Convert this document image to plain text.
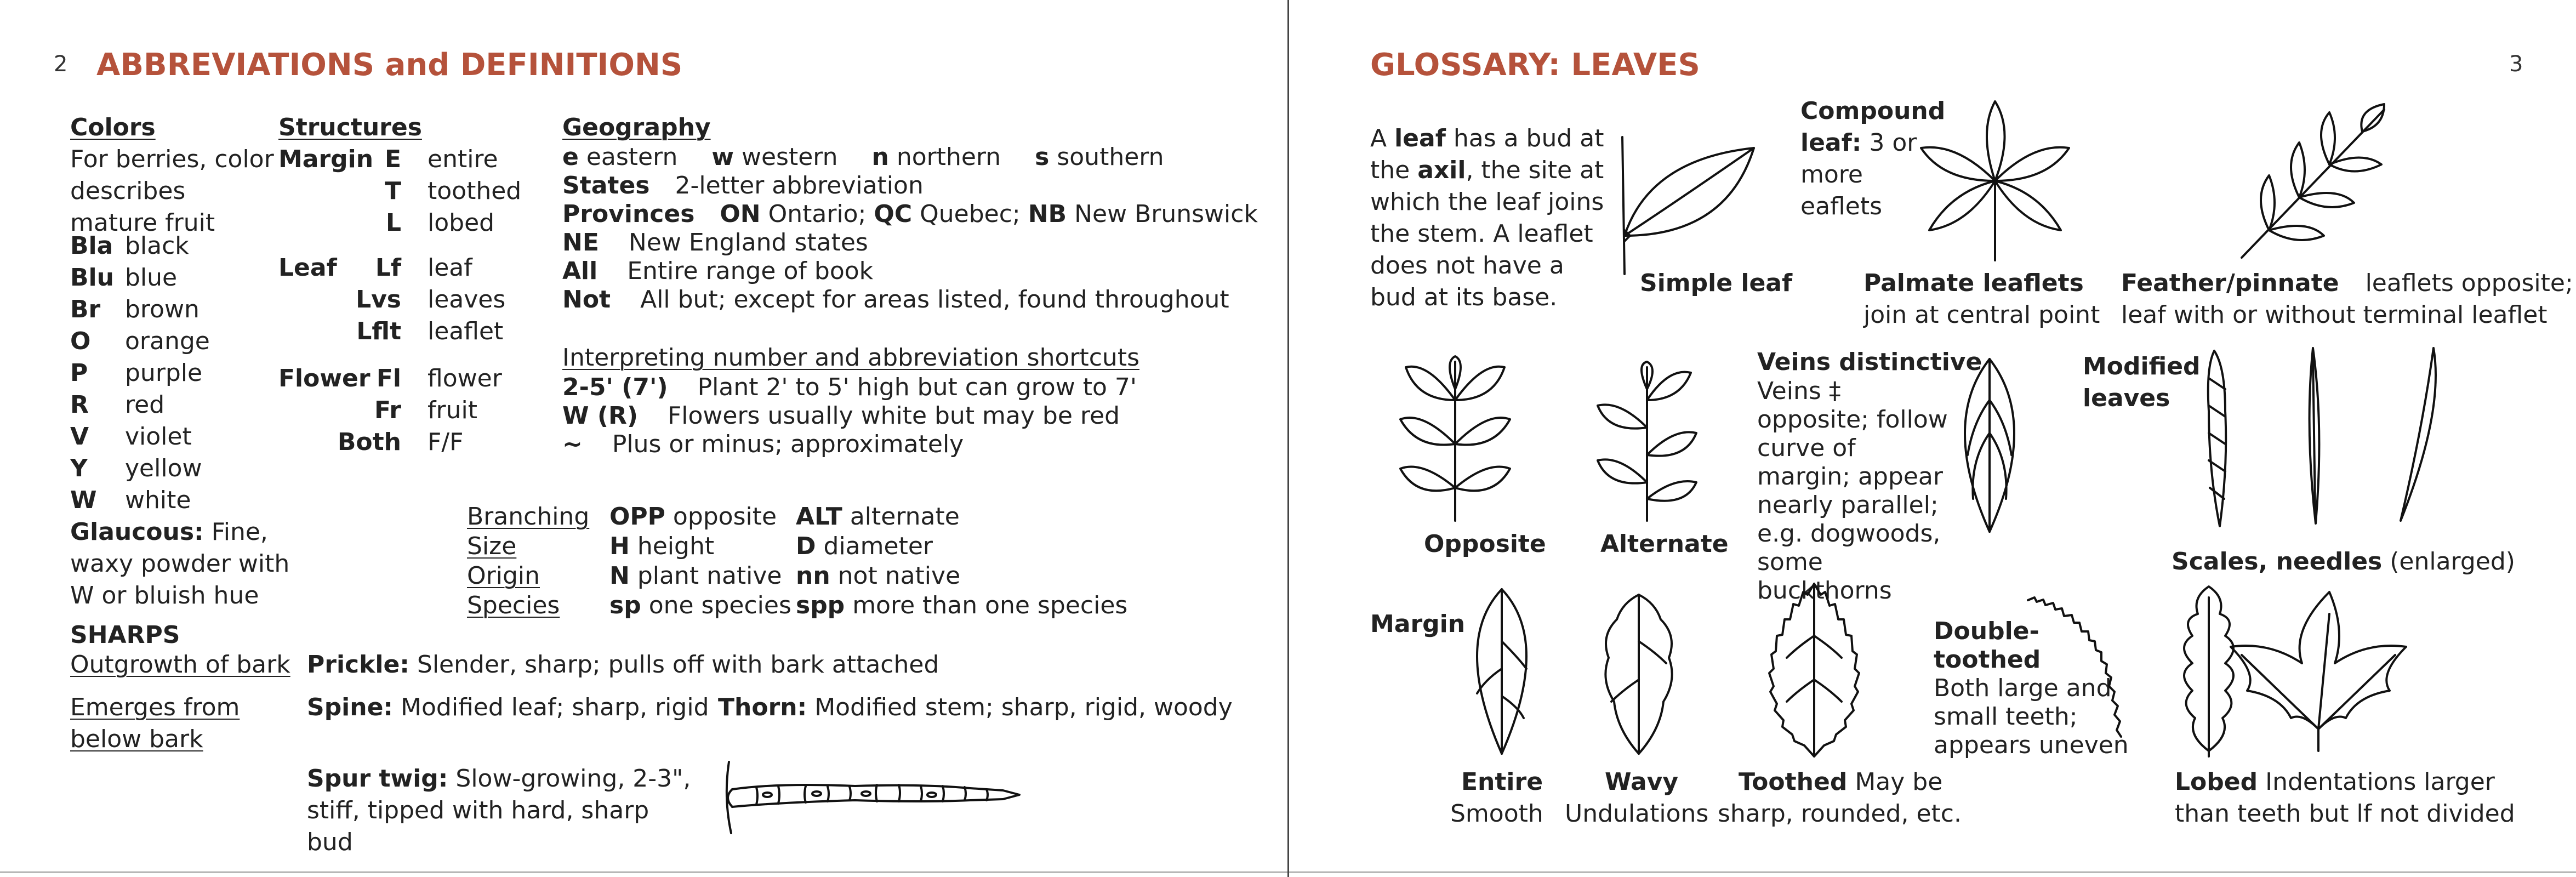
2 ABBREVIATIONS and DEFINITIONS
Colors
For berries, color describes mature fruit
Bla black
Blu blue
Br brown
O orange
P purple
R red
V violet
Y yellow
W white
Glaucous: Fine, waxy powder with W or bluish hue
Structures
Margin E entire
T toothed
L lobed
Leaf	Lf leaf
Lvs leaves
Lflt leaflet
Flower Fl flower
Fr fruit
Both F/F
Geography
e eastern w western n northern s southern
States 2-letter abbreviation
Provinces ON Ontario; QC Quebec; NB New Brunswick
NE New England states
All Entire range of book
Not All but; except for areas listed, found throughout
Interpreting number and abbreviation shortcuts
2-5' (7') Plant 2' to 5' high but can grow to 7'
W (R) Flowers usually white but may be red
~ Plus or minus; approximately
Branching
Size
Origin
Species
OPP opposite
H height
N plant native
sp one species
ALT alternate
D diameter
nn not native
spp more than one species
SHARPS
Outgrowth of bark
Emerges from below bark
Prickle: Slender, sharp; pulls off with bark attached
Spine: Modified leaf; sharp, rigid Thorn: Modified stem; sharp, rigid, woody
Spur twig: Slow-growing, 2-3", stiff, tipped with hard, sharp bud
GLOSSARY: LEAVES	3
A leaf has a bud at the axil, the site at which the leaf joins the stem. A leaflet does not have a bud at its base.
Simple leaf
Compound leaf: 3 or more eaflets
Palmate leaflets
join at central point
Feather/pinnate leaflets opposite;
leaf with or without terminal leaflet
Opposite Alternate
Veins distinctive
Veins ‡ opposite; follow curve of margin; appear nearly parallel; e.g. dogwoods, some buckthorns
Modified leaves
Scales, needles (enlarged)
Margin
Entire
Smooth
Wavy
Undulations
Toothed May be
sharp, rounded, etc.
Double-toothed
Both large and small teeth; appears uneven
Lobed Indentations larger
than teeth but lf not divided
